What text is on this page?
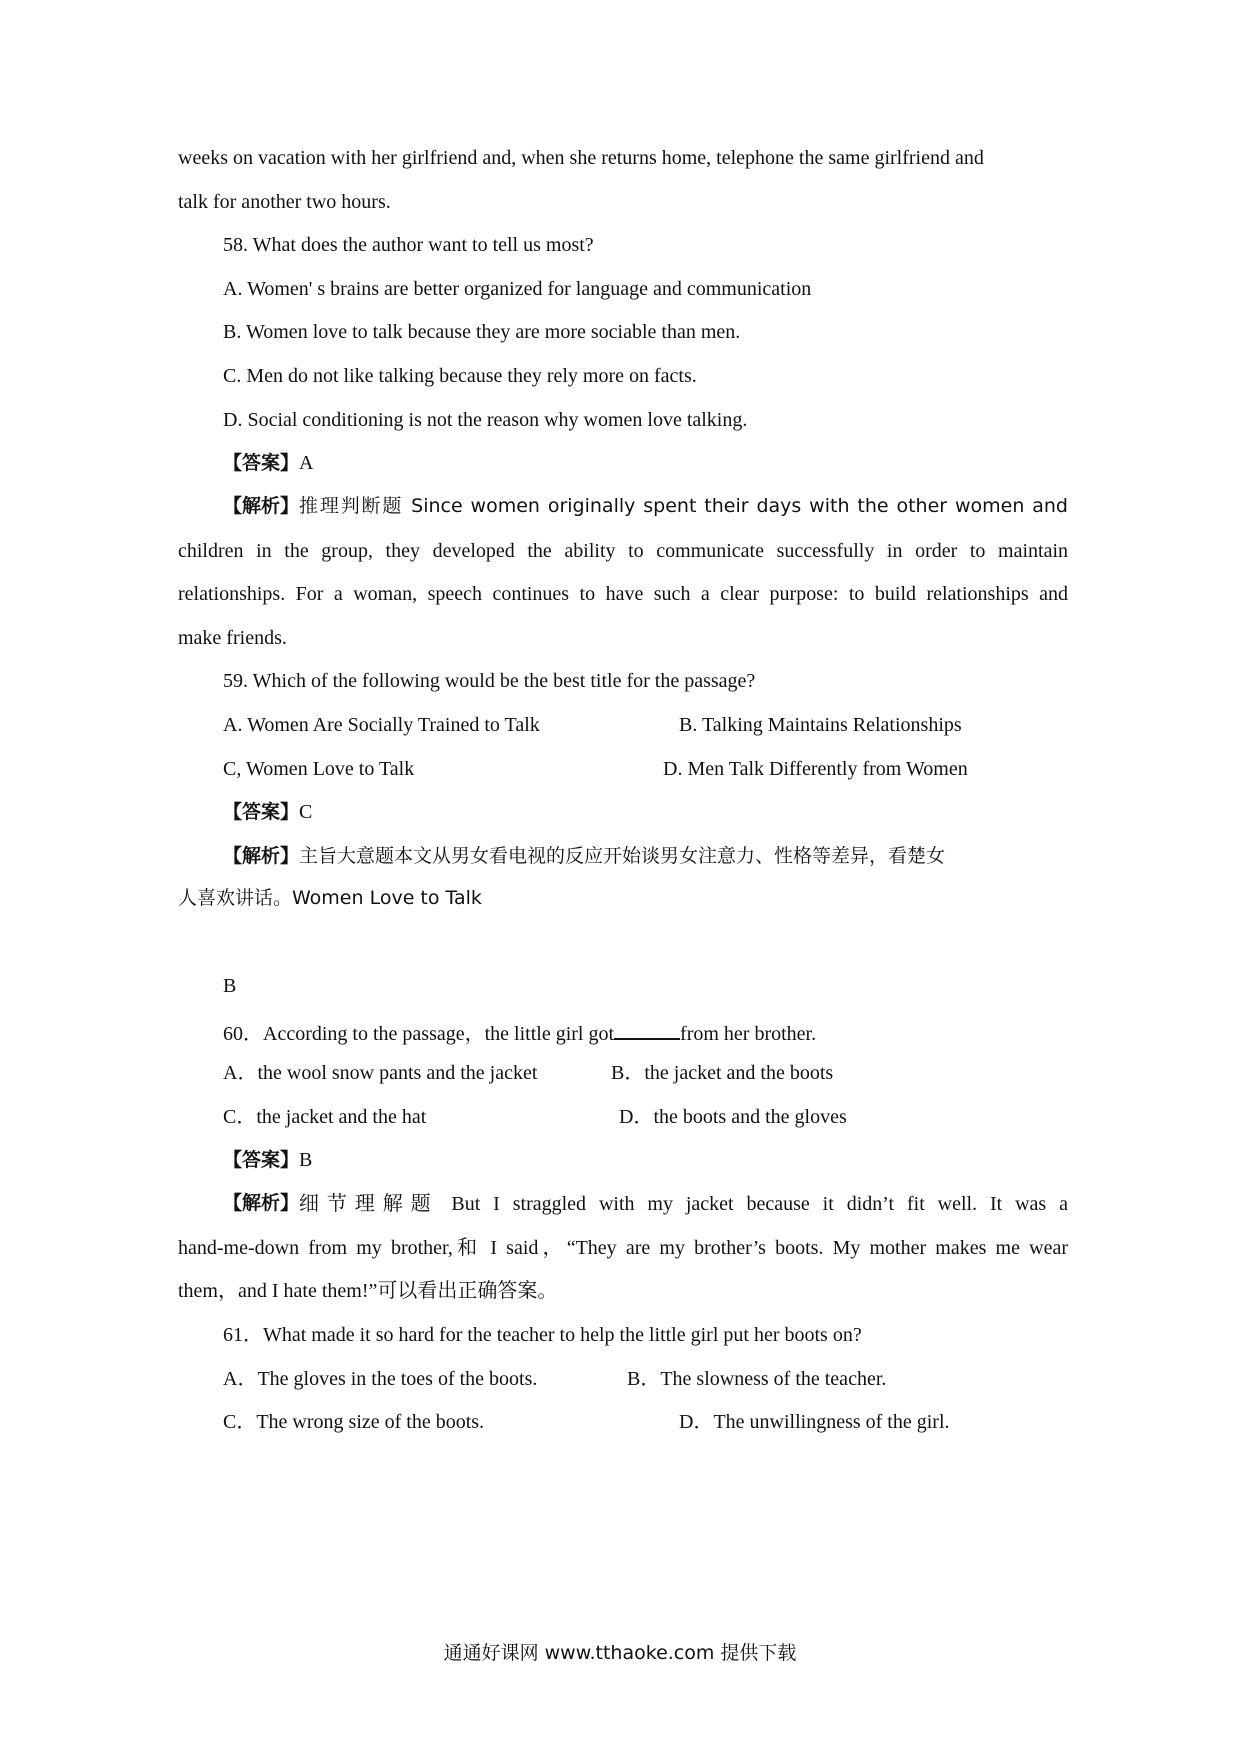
weeks on vacation with her girlfriend and, when she returns home, telephone the same girlfriend and
talk for another two hours.
58. What does the author want to tell us most?
A. Women' s brains are better organized for language and communication
B. Women love to talk because they are more sociable than men.
C. Men do not like talking because they rely more on facts.
D. Social conditioning is not the reason why women love talking.
【答案】A
【解析】 推理判断题 Since women originally spent their days with the other women and
children in the group, they developed the ability to communicate successfully in order to maintain
relationships. For a woman, speech continues to have such a clear purpose: to build relationships and
make friends.
59. Which of the following would be the best title for the passage?
A. Women Are Socially Trained to Talk	B. Talking Maintains Relationships
C, Women Love to Talk	D. Men Talk Differently from Women
【答案】C
【解析】主旨大意题本文从男女看电视的反应开始谈男女注意力、性格等差异，看楚女
人喜欢讲话。Women Love to Talk
B
60．According to the passage，the little girl got	from her brother.
A．the wool snow pants and the jacket	B．the jacket and the boots
C．the jacket and the hat	D．the boots and the gloves
【答案】B
【解析】 细节理解题 But I straggled with my jacket because it didn’t fit well. It was a
hand-me-down from my brother,和 I said，“They are my brother’s boots. My mother makes me wear
them，and I hate them!”可以看出正确答案。
61．What made it so hard for the teacher to help the little girl put her boots on?
A．The gloves in the toes of the boots.	B．The slowness of the teacher.
C．The wrong size of the boots.	D．The unwillingness of the girl.
通通好课网 www.tthaoke.com 提供下载
